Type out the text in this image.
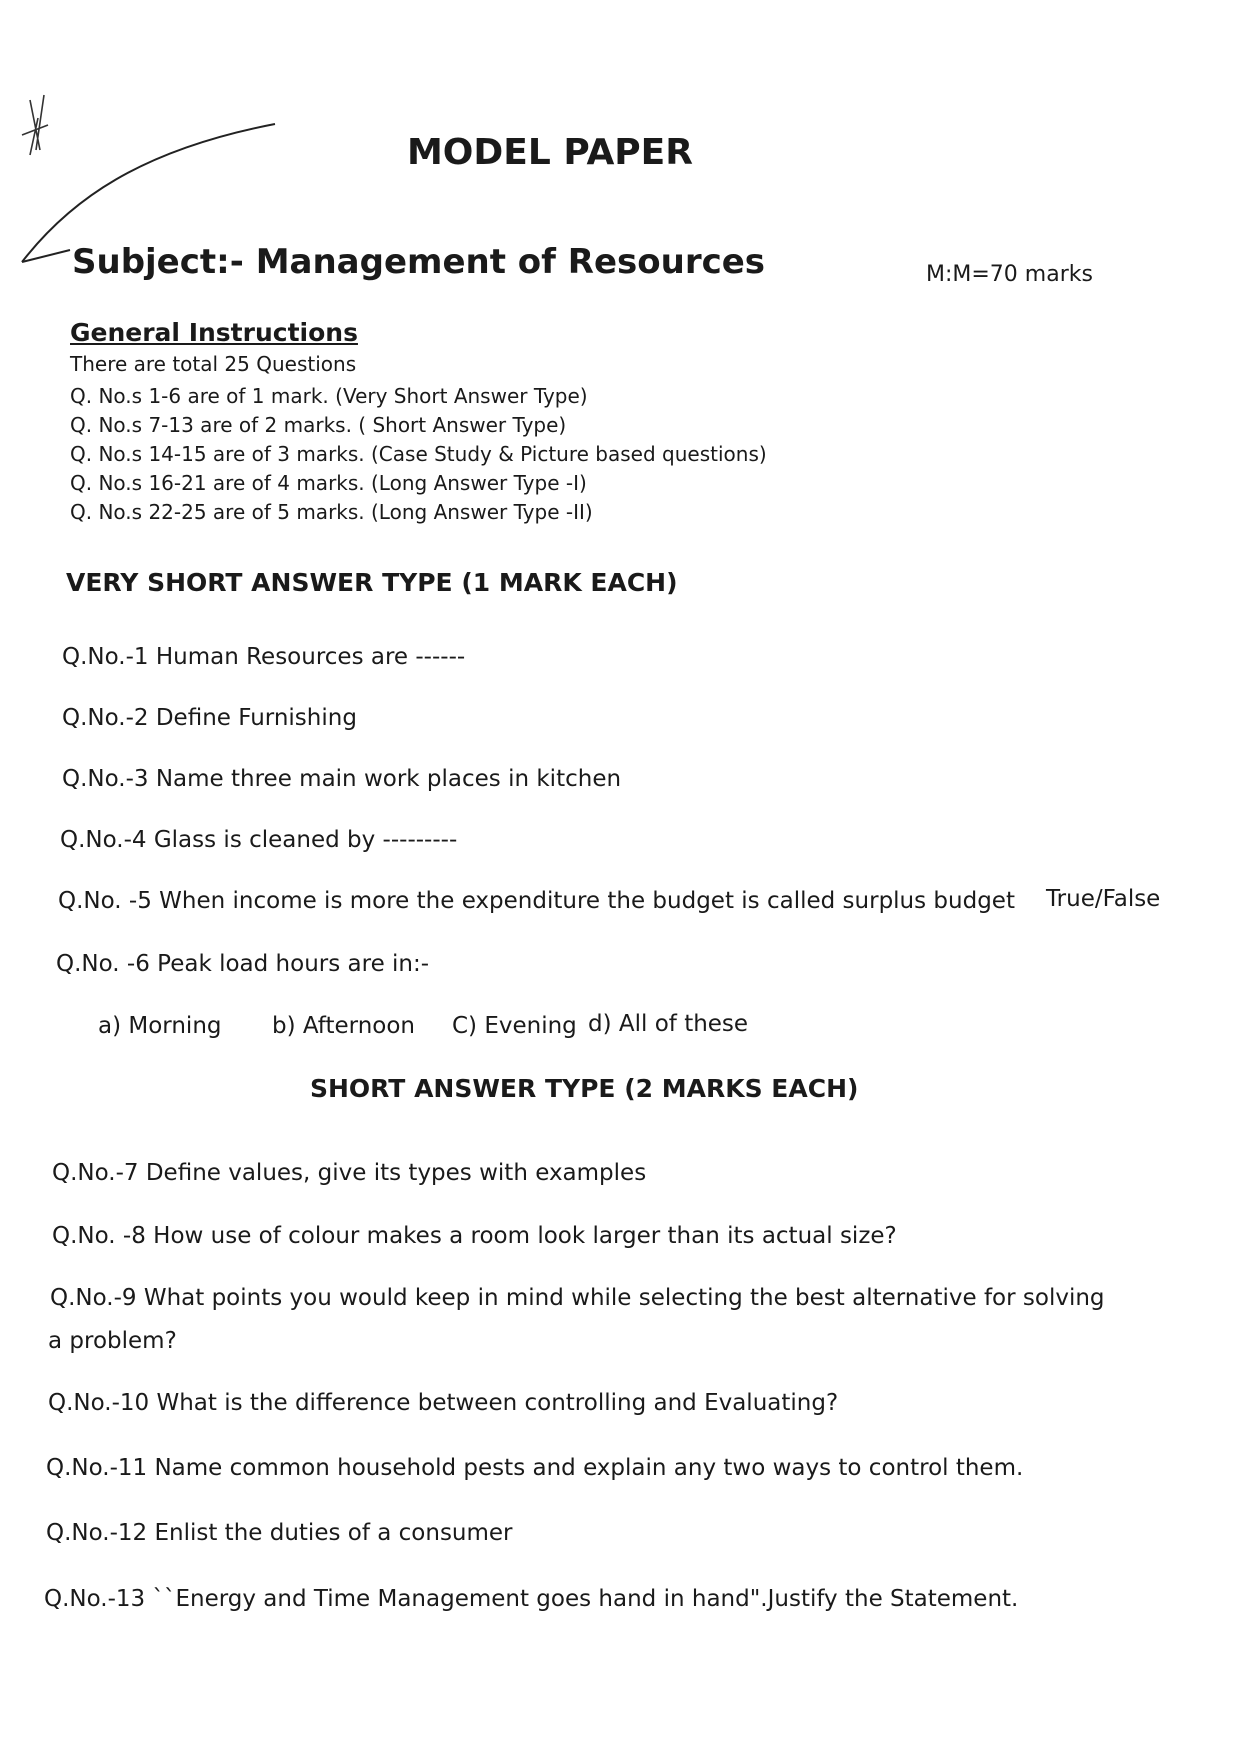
MODEL PAPER
Subject:- Management of Resources	M:M=70 marks
General Instructions
There are total 25 Questions
Q. No.s 1-6 are of 1 mark. (Very Short Answer Type)
Q. No.s 7-13 are of 2 marks. ( Short Answer Type)
Q. No.s 14-15 are of 3 marks. (Case Study & Picture based questions)
Q. No.s 16-21 are of 4 marks. (Long Answer Type -I)
Q. No.s 22-25 are of 5 marks. (Long Answer Type -II)
VERY SHORT ANSWER TYPE (1 MARK EACH)
Q.No.-1 Human Resources are ------
Q.No.-2 Define Furnishing
Q.No.-3 Name three main work places in kitchen
Q.No.-4 Glass is cleaned by ---------
Q.No. -5 When income is more the expenditure the budget is called surplus budget True/False
Q.No. -6 Peak load hours are in:-
a) Morning b) Afternoon C) Evening d) All of these
SHORT ANSWER TYPE (2 MARKS EACH)
Q.No.-7 Define values, give its types with examples
Q.No. -8 How use of colour makes a room look larger than its actual size?
Q.No.-9 What points you would keep in mind while selecting the best alternative for solving
a problem?
Q.No.-10 What is the difference between controlling and Evaluating?
Q.No.-11 Name common household pests and explain any two ways to control them.
Q.No.-12 Enlist the duties of a consumer
Q.No.-13 ``Energy and Time Management goes hand in hand".Justify the Statement.
